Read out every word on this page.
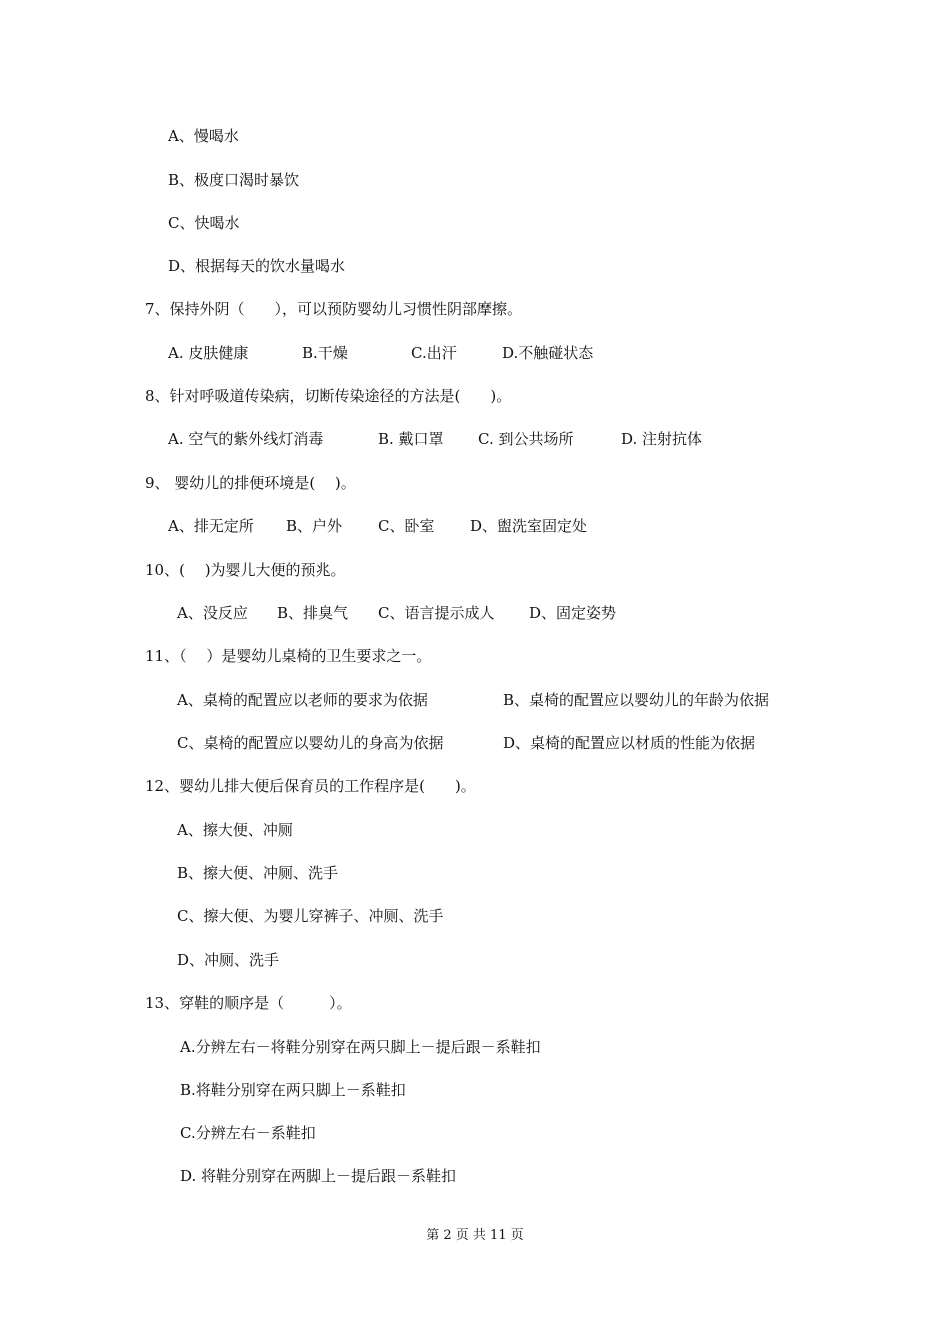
A、慢喝水
B、极度口渴时暴饮
C、快喝水
D、根据每天的饮水量喝水
7、保持外阴（　　），可以预防婴幼儿习惯性阴部摩擦。
A. 皮肤健康	B.干燥	C.出汗	D.不触碰状态
8、针对呼吸道传染病，切断传染途径的方法是(　　)。
A. 空气的紫外线灯消毒	B. 戴口罩 C. 到公共场所	D. 注射抗体
9、 婴幼儿的排便环境是(　 )。
A、排无定所 B、户外 C、卧室 D、盥洗室固定处
10、(　 )为婴儿大便的预兆。
A、没反应 B、排臭气 C、语言提示成人 D、固定姿势
11、（　 ）是婴幼儿桌椅的卫生要求之一。
A、桌椅的配置应以老师的要求为依据	B、桌椅的配置应以婴幼儿的年龄为依据
C、桌椅的配置应以婴幼儿的身高为依据	D、桌椅的配置应以材质的性能为依据
12、婴幼儿排大便后保育员的工作程序是(　　)。
A、擦大便、冲厕
B、擦大便、冲厕、洗手
C、擦大便、为婴儿穿裤子、冲厕、洗手
D、冲厕、洗手
13、穿鞋的顺序是（　　　）。
A.分辨左右－将鞋分别穿在两只脚上－提后跟－系鞋扣
B.将鞋分别穿在两只脚上－系鞋扣
C.分辨左右－系鞋扣
D. 将鞋分别穿在两脚上－提后跟－系鞋扣
第 2 页 共 11 页
